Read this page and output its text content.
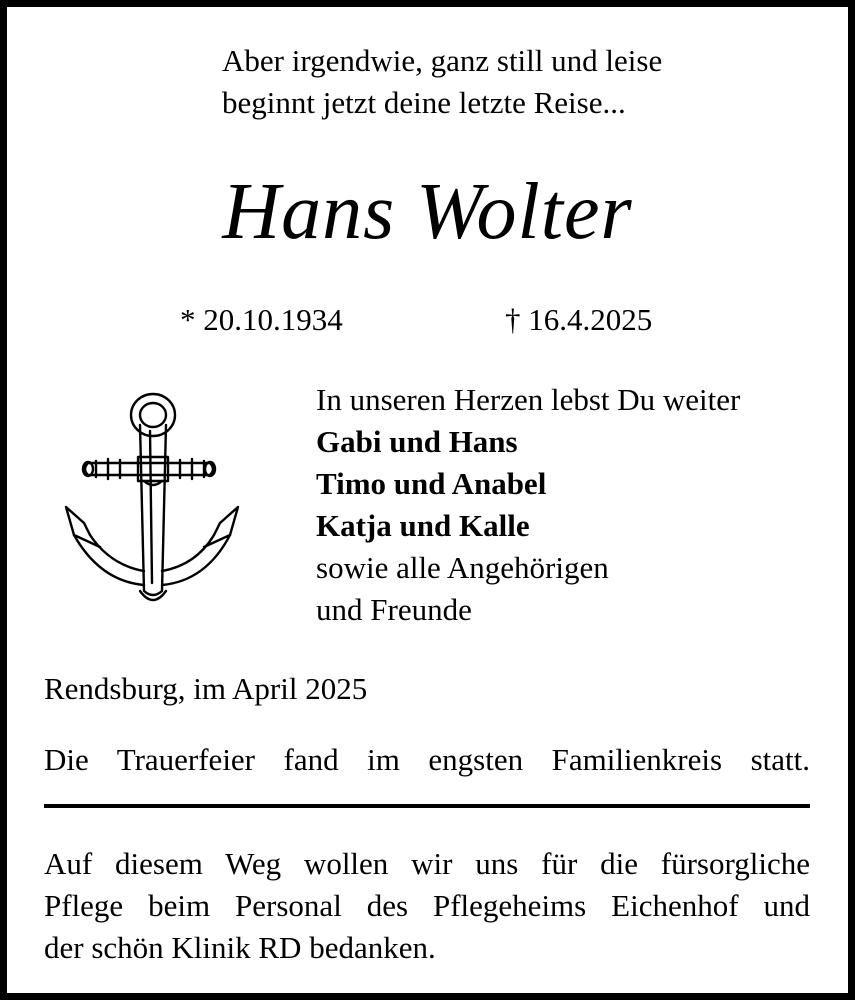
Aber irgendwie, ganz still und leise
beginnt jetzt deine letzte Reise...
Hans Wolter
* 20.10.1934	† 16.4.2025
In unseren Herzen lebst Du weiter
Gabi und Hans
Timo und Anabel
Katja und Kalle
sowie alle Angehörigen
und Freunde
Rendsburg, im April 2025
Die Trauerfeier fand im engsten Familienkreis statt.
Auf diesem Weg wollen wir uns für die fürsorgliche
Pflege beim Personal des Pflegeheims Eichenhof und
der schön Klinik RD bedanken.
